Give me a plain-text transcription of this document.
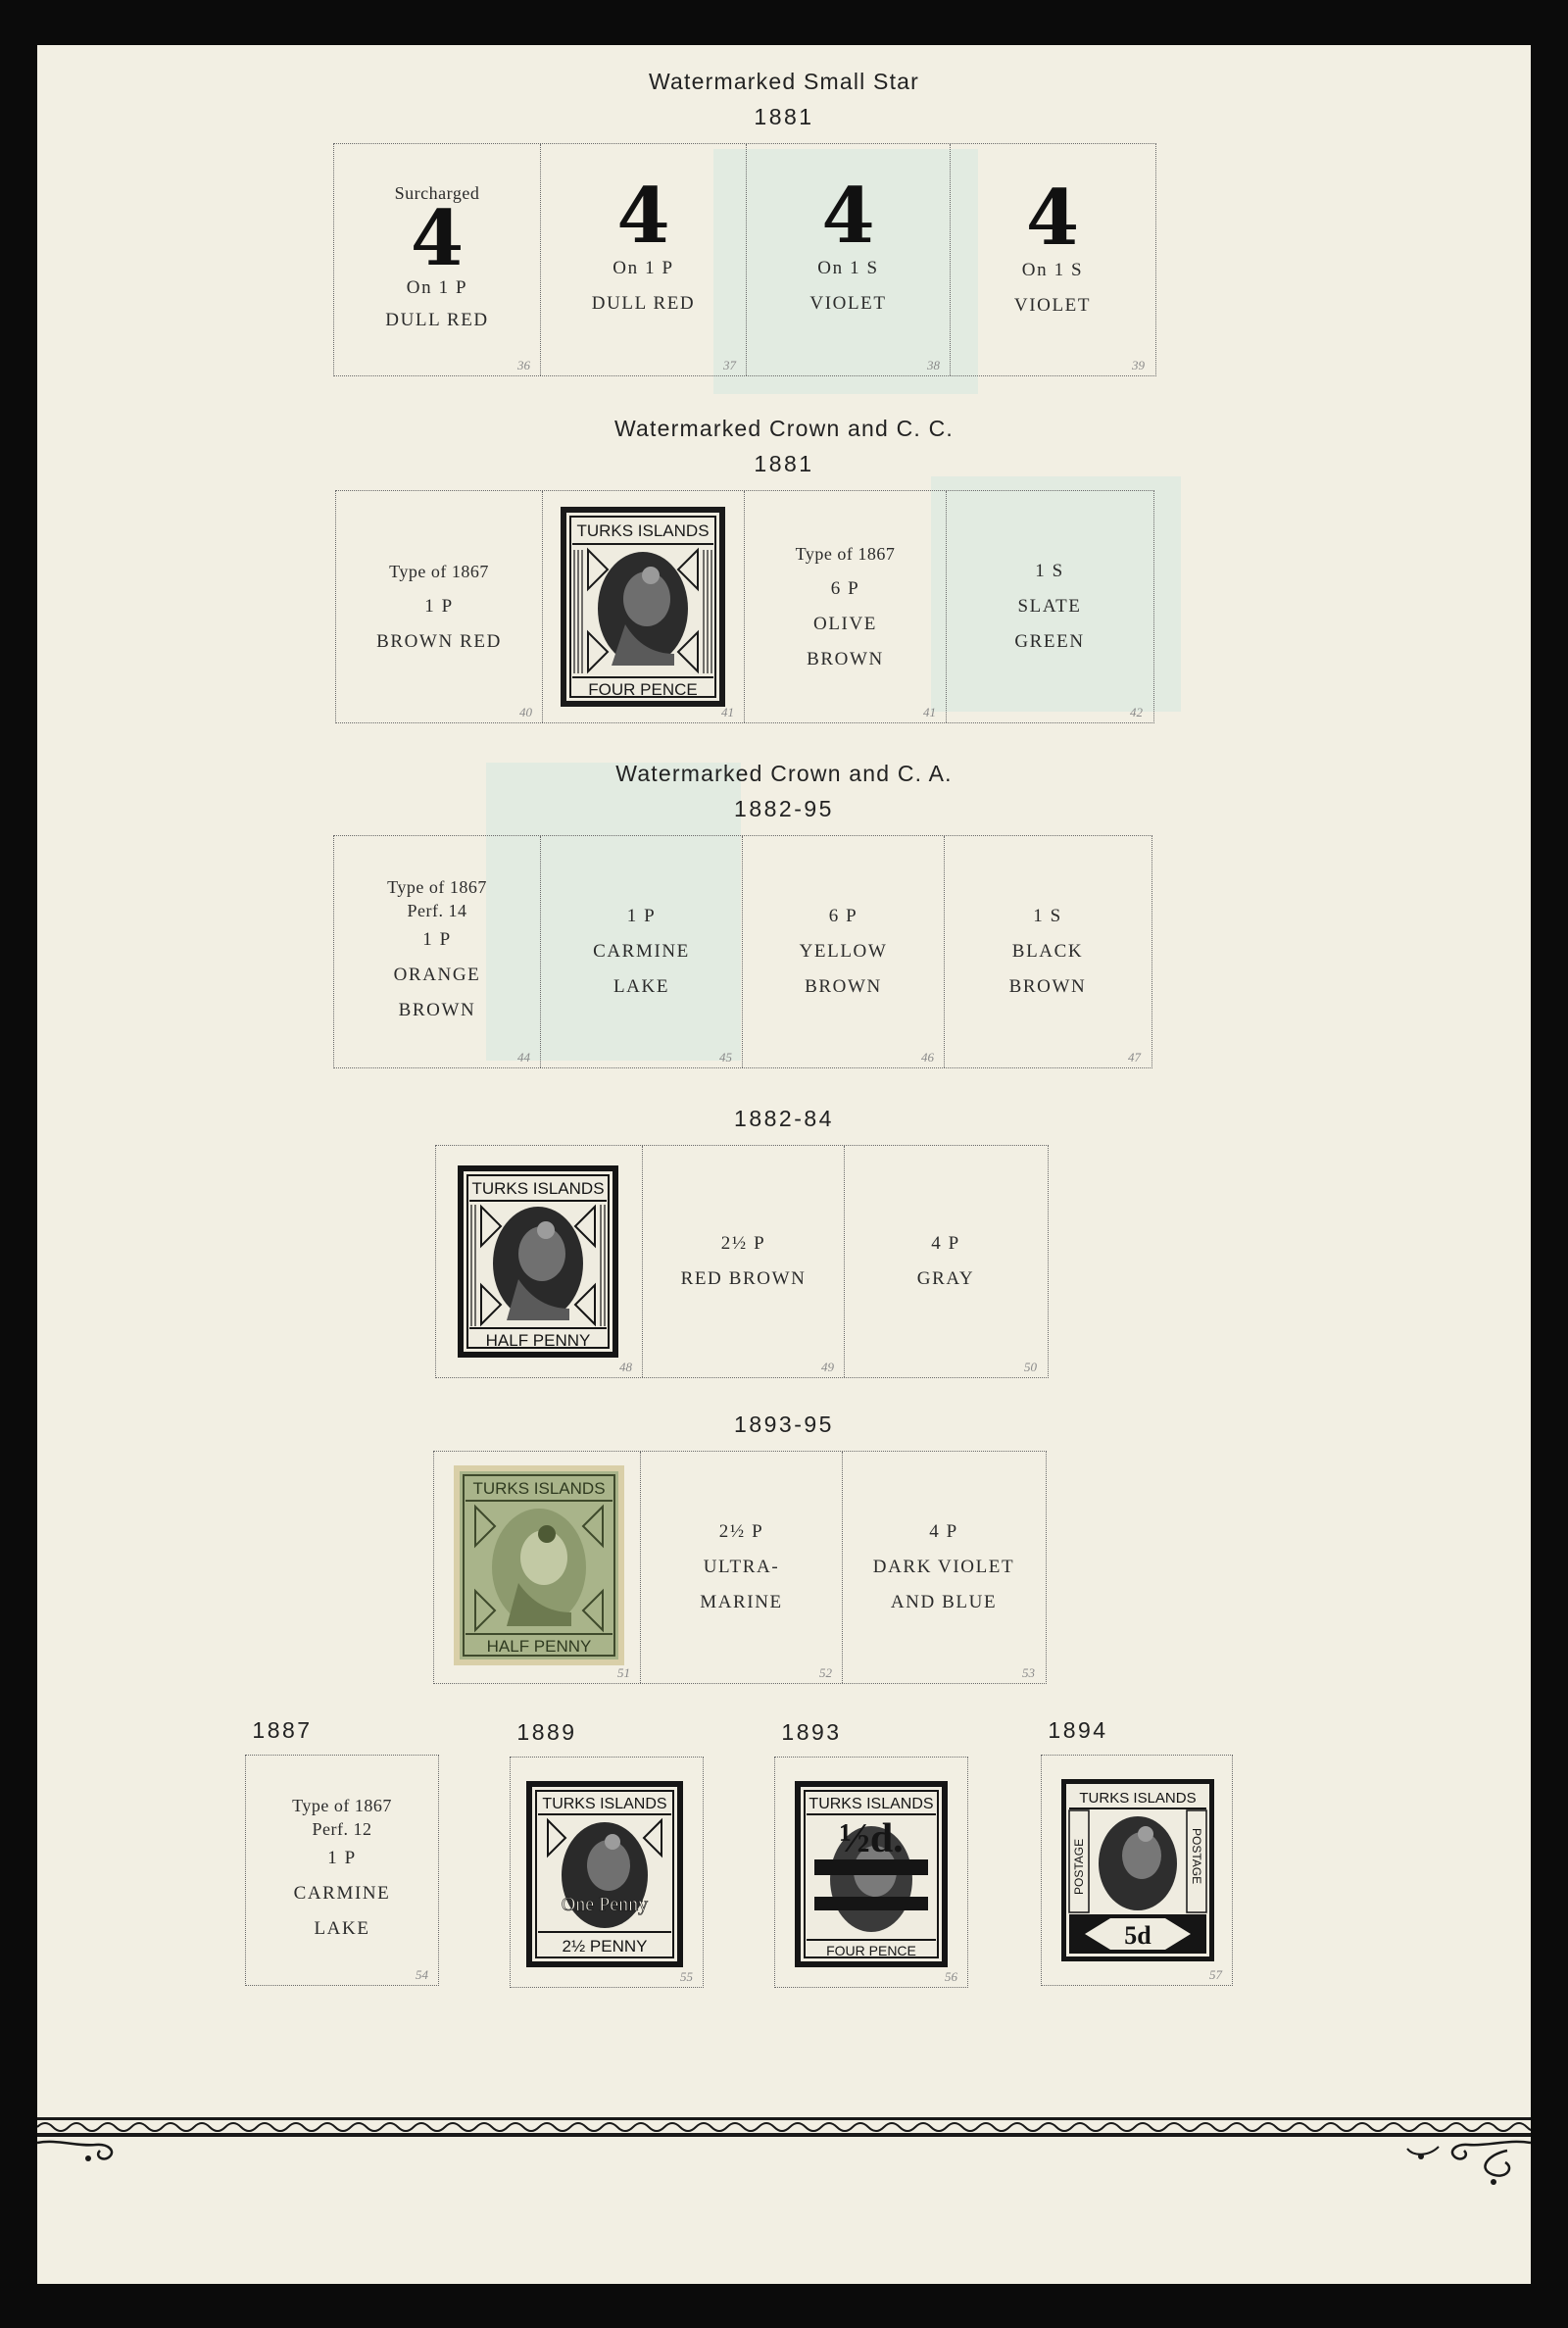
Watermarked Small Star
1881
Surcharged
4
On 1 P
DULL RED
36
4
On 1 P
DULL RED
37
4
On 1 S
VIOLET
38
4
On 1 S
VIOLET
39
Watermarked Crown and C. C.
1881
Type of 1867
1 P
BROWN RED
40
TURKS ISLANDS
FOUR PENCE
41
Type of 1867
6 P
OLIVE
BROWN
41
1 S
SLATE
GREEN
42
Watermarked Crown and C. A.
1882-95
Type of 1867
Perf. 14
1 P
ORANGE
BROWN
44
1 P
CARMINE
LAKE
45
6 P
YELLOW
BROWN
46
1 S
BLACK
BROWN
47
1882-84
TURKS ISLANDS
HALF PENNY
48
2½ P
RED BROWN
49
4 P
GRAY
50
1893-95
TURKS ISLANDS
HALF PENNY
51
2½ P
ULTRA-
MARINE
52
4 P
DARK VIOLET
AND BLUE
53
1887	1889	1893	1894
Type of 1867
Perf. 12
1 P
CARMINE
LAKE
54
TURKS ISLANDS
One Penny
2½ PENNY
55
TURKS ISLANDS
½d.
FOUR PENCE
56
TURKS ISLANDS
POSTAGE	POSTAGE
5d
57
